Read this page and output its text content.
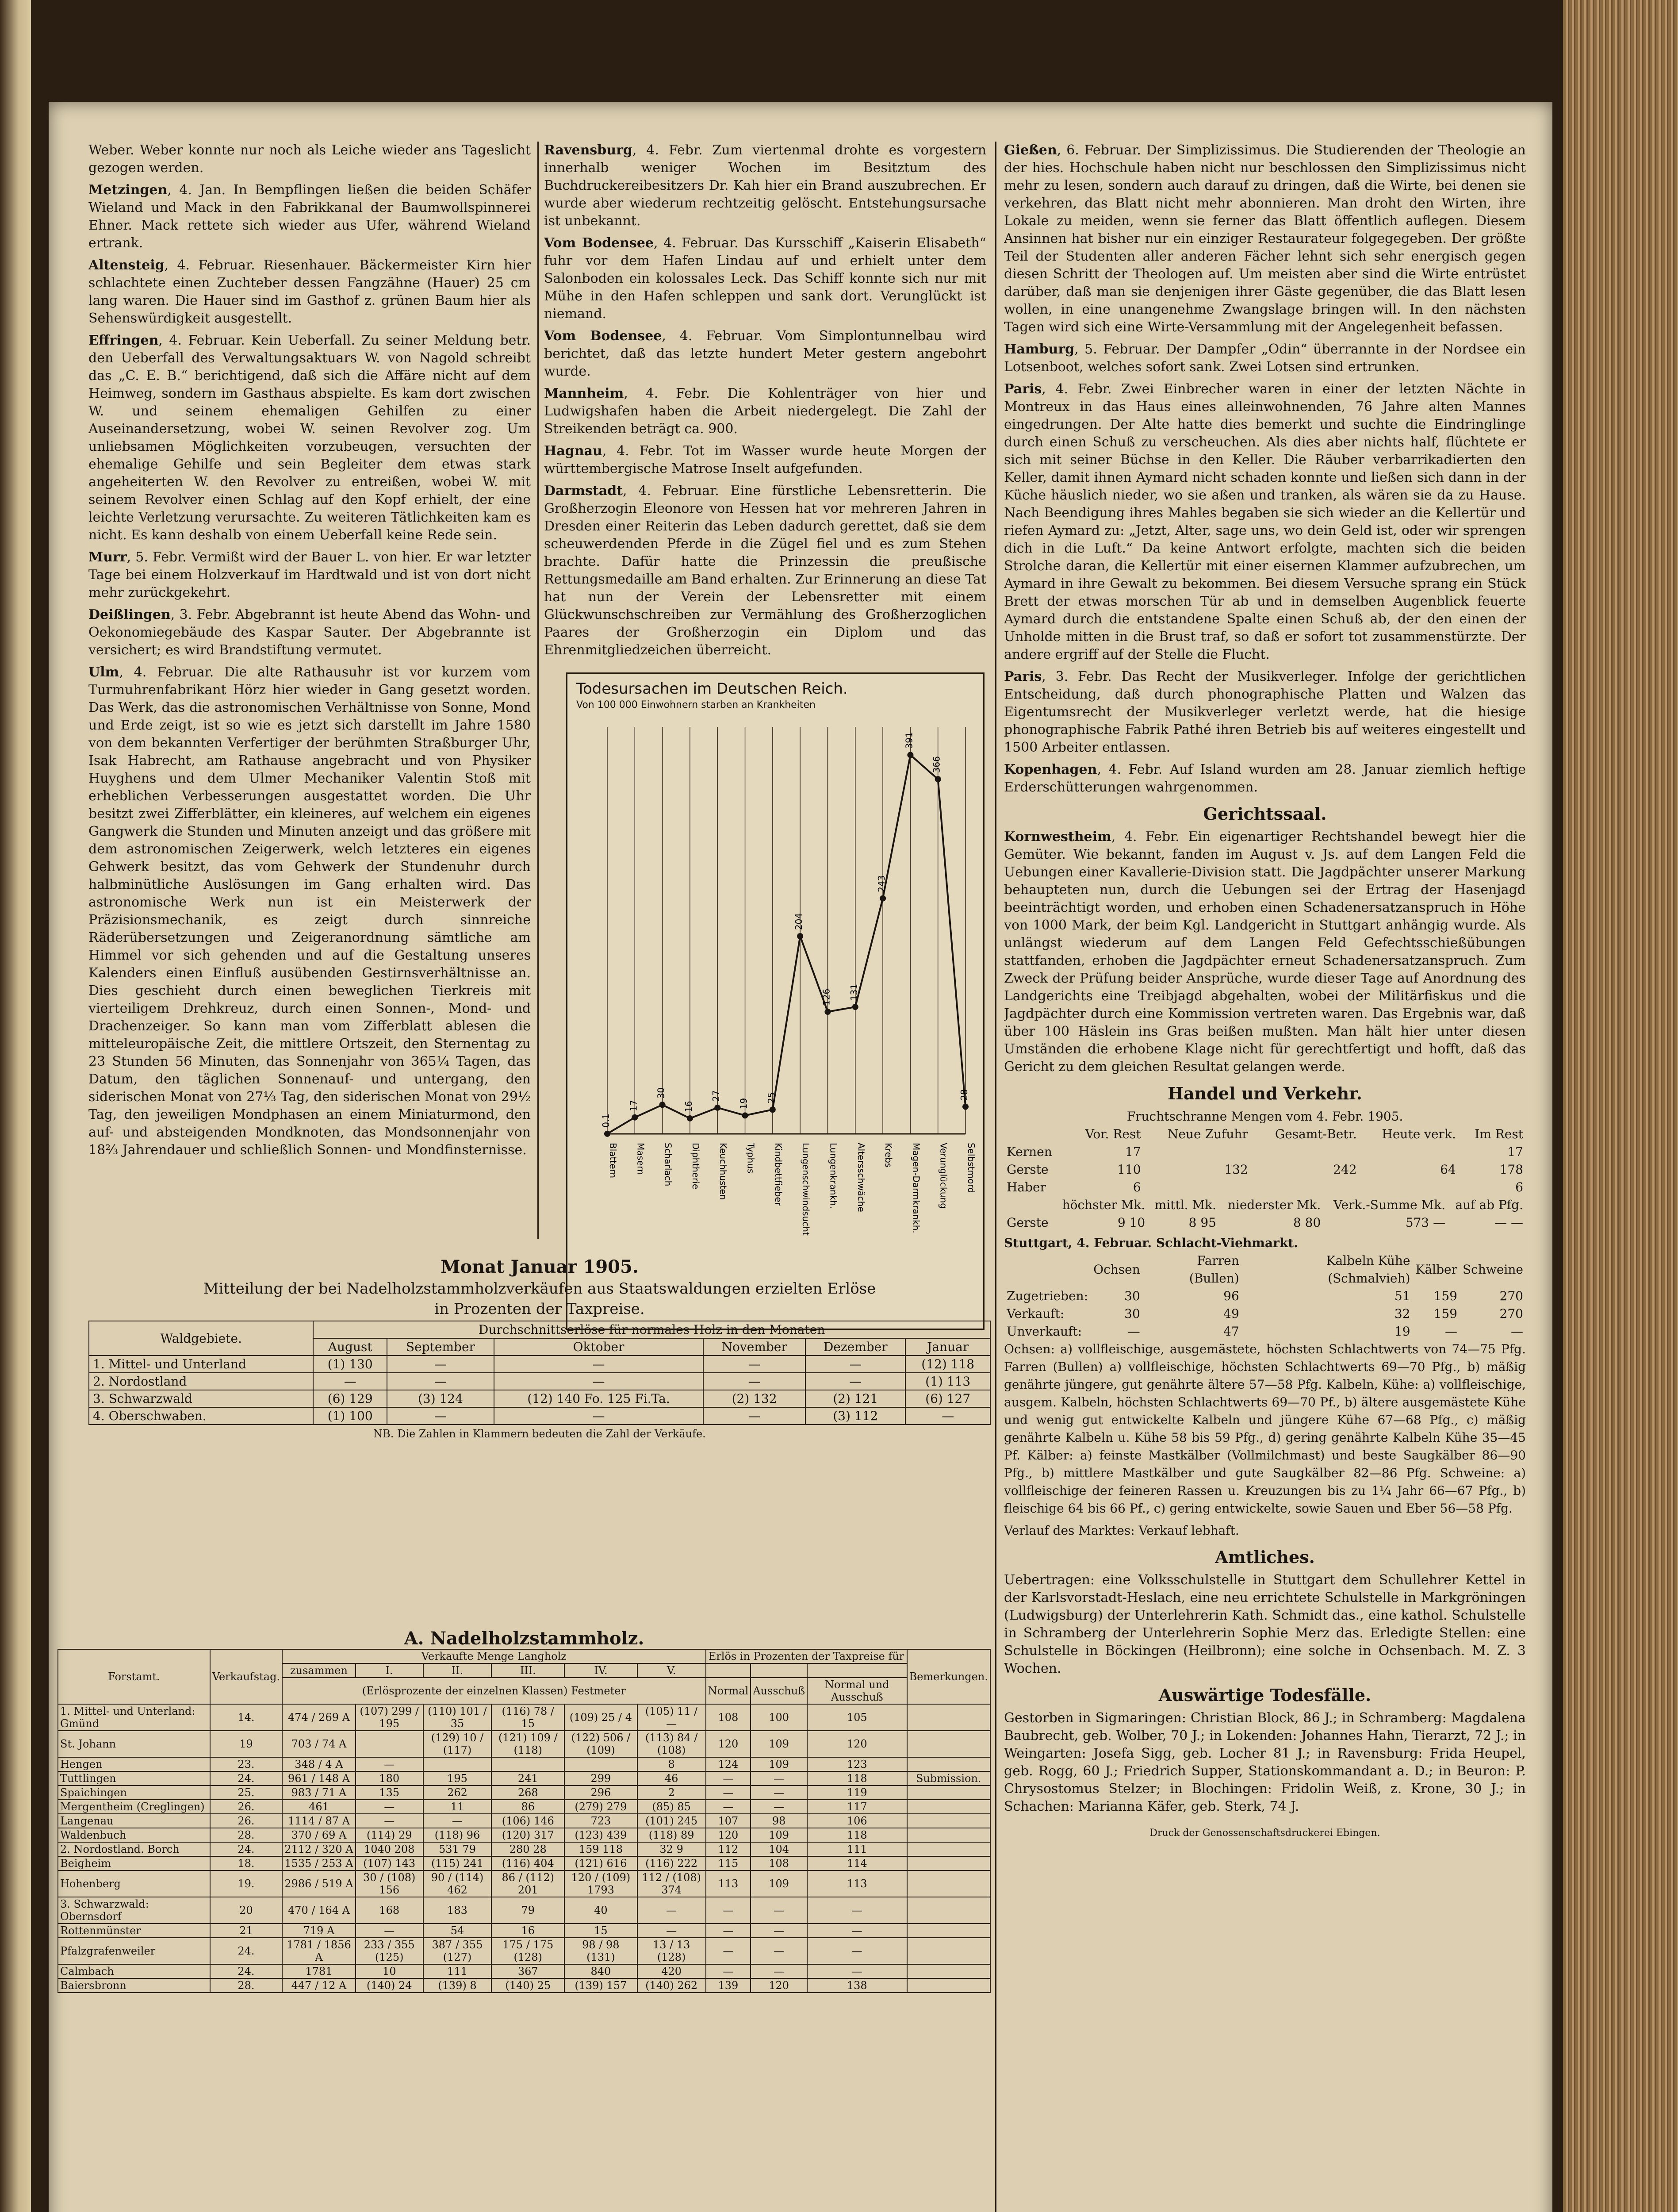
Weber. Weber konnte nur noch als Leiche wieder ans Tageslicht gezogen werden.

Metzingen, 4. Jan. In Bempflingen ließen die beiden Schäfer Wieland und Mack in den Fabrikkanal der Baumwollspinnerei Ehner. Mack rettete sich wieder aus Ufer, während Wieland ertrank.

Altensteig, 4. Februar. Riesenhauer. Bäckermeister Kirn hier schlachtete einen Zuchteber dessen Fangzähne (Hauer) 25 cm lang waren. Die Hauer sind im Gasthof z. grünen Baum hier als Sehenswürdigkeit ausgestellt.

Effringen, 4. Februar. Kein Ueberfall. Zu seiner Meldung betr. den Ueberfall des Verwaltungsaktuars W. von Nagold schreibt das „C. E. B.“ berichtigend, daß sich die Affäre nicht auf dem Heimweg, sondern im Gasthaus abspielte. Es kam dort zwischen W. und seinem ehemaligen Gehilfen zu einer Auseinandersetzung, wobei W. seinen Revolver zog. Um unliebsamen Möglichkeiten vorzubeugen, versuchten der ehemalige Gehilfe und sein Begleiter dem etwas stark angeheiterten W. den Revolver zu entreißen, wobei W. mit seinem Revolver einen Schlag auf den Kopf erhielt, der eine leichte Verletzung verursachte. Zu weiteren Tätlichkeiten kam es nicht. Es kann deshalb von einem Ueberfall keine Rede sein.

Murr, 5. Febr. Vermißt wird der Bauer L. von hier. Er war letzter Tage bei einem Holzverkauf im Hardtwald und ist von dort nicht mehr zurückgekehrt.

Deißlingen, 3. Febr. Abgebrannt ist heute Abend das Wohn- und Oekonomiegebäude des Kaspar Sauter. Der Abgebrannte ist versichert; es wird Brandstiftung vermutet.

Ulm, 4. Februar. Die alte Rathausuhr ist vor kurzem vom Turmuhrenfabrikant Hörz hier wieder in Gang gesetzt worden. Das Werk, das die astronomischen Verhältnisse von Sonne, Mond und Erde zeigt, ist so wie es jetzt sich darstellt im Jahre 1580 von dem bekannten Verfertiger der berühmten Straßburger Uhr, Isak Habrecht, am Rathause angebracht und von Physiker Huyghens und dem Ulmer Mechaniker Valentin Stoß mit erheblichen Verbesserungen ausgestattet worden. Die Uhr besitzt zwei Zifferblätter, ein kleineres, auf welchem ein eigenes Gangwerk die Stunden und Minuten anzeigt und das größere mit dem astronomischen Zeigerwerk, welch letzteres ein eigenes Gehwerk besitzt, das vom Gehwerk der Stundenuhr durch halbminütliche Auslösungen im Gang erhalten wird. Das astronomische Werk nun ist ein Meisterwerk der Präzisionsmechanik, es zeigt durch sinnreiche Räderübersetzungen und Zeigeranordnung sämtliche am Himmel vor sich gehenden und auf die Gestaltung unseres Kalenders einen Einfluß ausübenden Gestirnsverhältnisse an. Dies geschieht durch einen beweglichen Tierkreis mit vierteiligem Drehkreuz, durch einen Sonnen-, Mond- und Drachenzeiger. So kann man vom Zifferblatt ablesen die mitteleuropäische Zeit, die mittlere Ortszeit, den Sternentag zu 23 Stunden 56 Minuten, das Sonnenjahr von 365¼ Tagen, das Datum, den täglichen Sonnenauf- und untergang, den siderischen Monat von 27⅓ Tag, den siderischen Monat von 29½ Tag, den jeweiligen Mondphasen an einem Miniaturmond, den auf- und absteigenden Mondknoten, das Mondsonnenjahr von 18⅔ Jahrendauer und schließlich Sonnen- und Mondfinsternisse.

Ravensburg, 4. Febr. Zum viertenmal drohte es vorgestern innerhalb weniger Wochen im Besitztum des Buchdruckereibesitzers Dr. Kah hier ein Brand auszubrechen. Er wurde aber wiederum rechtzeitig gelöscht. Entstehungsursache ist unbekannt.

Vom Bodensee, 4. Februar. Das Kursschiff „Kaiserin Elisabeth“ fuhr vor dem Hafen Lindau auf und erhielt unter dem Salonboden ein kolossales Leck. Das Schiff konnte sich nur mit Mühe in den Hafen schleppen und sank dort. Verunglückt ist niemand.

Vom Bodensee, 4. Februar. Vom Simplontunnelbau wird berichtet, daß das letzte hundert Meter gestern angebohrt wurde.

Mannheim, 4. Febr. Die Kohlenträger von hier und Ludwigshafen haben die Arbeit niedergelegt. Die Zahl der Streikenden beträgt ca. 900.

Hagnau, 4. Febr. Tot im Wasser wurde heute Morgen der württembergische Matrose Inselt aufgefunden.

Darmstadt, 4. Februar. Eine fürstliche Lebensretterin. Die Großherzogin Eleonore von Hessen hat vor mehreren Jahren in Dresden einer Reiterin das Leben dadurch gerettet, daß sie dem scheuwerdenden Pferde in die Zügel fiel und es zum Stehen brachte. Dafür hatte die Prinzessin die preußische Rettungsmedaille am Band erhalten. Zur Erinnerung an diese Tat hat nun der Verein der Lebensretter mit einem Glückwunschschreiben zur Vermählung des Großherzoglichen Paares der Großherzogin ein Diplom und das Ehrenmitgliedzeichen überreicht.

Todesursachen im Deutschen Reich.
Von 100 000 Einwohnern starben an Krankheiten
0.1
Blattern
17
Masern
30
Scharlach
16
Diphtherie
27
Keuchhusten
19
Typhus
25
Kindbettfieber
204
Lungenschwindsucht
126
Lungenkrankh.
131
Altersschwäche
243
Krebs
391
Magen-Darmkrankh.
366
Verunglückung
28
Selbstmord

Gießen, 6. Februar. Der Simplizissimus. Die Studierenden der Theologie an der hies. Hochschule haben nicht nur beschlossen den Simplizissimus nicht mehr zu lesen, sondern auch darauf zu dringen, daß die Wirte, bei denen sie verkehren, das Blatt nicht mehr abonnieren. Man droht den Wirten, ihre Lokale zu meiden, wenn sie ferner das Blatt öffentlich auflegen. Diesem Ansinnen hat bisher nur ein einziger Restaurateur folgegegeben. Der größte Teil der Studenten aller anderen Fächer lehnt sich sehr energisch gegen diesen Schritt der Theologen auf. Um meisten aber sind die Wirte entrüstet darüber, daß man sie denjenigen ihrer Gäste gegenüber, die das Blatt lesen wollen, in eine unangenehme Zwangslage bringen will. In den nächsten Tagen wird sich eine Wirte-Versammlung mit der Angelegenheit befassen.

Hamburg, 5. Februar. Der Dampfer „Odin“ überrannte in der Nordsee ein Lotsenboot, welches sofort sank. Zwei Lotsen sind ertrunken.

Paris, 4. Febr. Zwei Einbrecher waren in einer der letzten Nächte in Montreux in das Haus eines alleinwohnenden, 76 Jahre alten Mannes eingedrungen. Der Alte hatte dies bemerkt und suchte die Eindringlinge durch einen Schuß zu verscheuchen. Als dies aber nichts half, flüchtete er sich mit seiner Büchse in den Keller. Die Räuber verbarrikadierten den Keller, damit ihnen Aymard nicht schaden konnte und ließen sich dann in der Küche häuslich nieder, wo sie aßen und tranken, als wären sie da zu Hause. Nach Beendigung ihres Mahles begaben sie sich wieder an die Kellertür und riefen Aymard zu: „Jetzt, Alter, sage uns, wo dein Geld ist, oder wir sprengen dich in die Luft.“ Da keine Antwort erfolgte, machten sich die beiden Strolche daran, die Kellertür mit einer eisernen Klammer aufzubrechen, um Aymard in ihre Gewalt zu bekommen. Bei diesem Versuche sprang ein Stück Brett der etwas morschen Tür ab und in demselben Augenblick feuerte Aymard durch die entstandene Spalte einen Schuß ab, der den einen der Unholde mitten in die Brust traf, so daß er sofort tot zusammenstürzte. Der andere ergriff auf der Stelle die Flucht.

Paris, 3. Febr. Das Recht der Musikverleger. Infolge der gerichtlichen Entscheidung, daß durch phonographische Platten und Walzen das Eigentumsrecht der Musikverleger verletzt werde, hat die hiesige phonographische Fabrik Pathé ihren Betrieb bis auf weiteres eingestellt und 1500 Arbeiter entlassen.

Kopenhagen, 4. Febr. Auf Island wurden am 28. Januar ziemlich heftige Erderschütterungen wahrgenommen.

Gerichtssaal.

Kornwestheim, 4. Febr. Ein eigenartiger Rechtshandel bewegt hier die Gemüter. Wie bekannt, fanden im August v. Js. auf dem Langen Feld die Uebungen einer Kavallerie-Division statt. Die Jagdpächter unserer Markung behaupteten nun, durch die Uebungen sei der Ertrag der Hasenjagd beeinträchtigt worden, und erhoben einen Schadenersatzanspruch in Höhe von 1000 Mark, der beim Kgl. Landgericht in Stuttgart anhängig wurde. Als unlängst wiederum auf dem Langen Feld Gefechtsschießübungen stattfanden, erhoben die Jagdpächter erneut Schadenersatzanspruch. Zum Zweck der Prüfung beider Ansprüche, wurde dieser Tage auf Anordnung des Landgerichts eine Treibjagd abgehalten, wobei der Militärfiskus und die Jagdpächter durch eine Kommission vertreten waren. Das Ergebnis war, daß über 100 Häslein ins Gras beißen mußten. Man hält hier unter diesen Umständen die erhobene Klage nicht für gerechtfertigt und hofft, daß das Gericht zu dem gleichen Resultat gelangen werde.

Handel und Verkehr.
Fruchtschranne Mengen vom 4. Febr. 1905.
	Vor. Rest	Neue Zufuhr	Gesamt-Betr.	Heute verk.	Im Rest
Kernen	17				17
Gerste	110	132	242	64	178
Haber	6				6
	höchster Mk.	mittl. Mk.	niederster Mk.	Verk.-Summe Mk.	auf ab Pfg.
Gerste	9 10	8 95	8 80	573 —	— —
Stuttgart, 4. Februar. Schlacht-Viehmarkt.
	Ochsen	Farren (Bullen)	Kalbeln Kühe (Schmalvieh)	Kälber	Schweine
Zugetrieben:	30	96	51	159	270
Verkauft:	30	49	32	159	270
Unverkauft:	—	47	19	—	—

Ochsen: a) vollfleischige, ausgemästete, höchsten Schlachtwerts von 74—75 Pfg. Farren (Bullen) a) vollfleischige, höchsten Schlachtwerts 69—70 Pfg., b) mäßig genährte jüngere, gut genährte ältere 57—58 Pfg. Kalbeln, Kühe: a) vollfleischige, ausgem. Kalbeln, höchsten Schlachtwerts 69—70 Pf., b) ältere ausgemästete Kühe und wenig gut entwickelte Kalbeln und jüngere Kühe 67—68 Pfg., c) mäßig genährte Kalbeln u. Kühe 58 bis 59 Pfg., d) gering genährte Kalbeln Kühe 35—45 Pf. Kälber: a) feinste Mastkälber (Vollmilchmast) und beste Saugkälber 86—90 Pfg., b) mittlere Mastkälber und gute Saugkälber 82—86 Pfg. Schweine: a) vollfleischige der feineren Rassen u. Kreuzungen bis zu 1¼ Jahr 66—67 Pfg., b) fleischige 64 bis 66 Pf., c) gering entwickelte, sowie Sauen und Eber 56—58 Pfg.

Verlauf des Marktes: Verkauf lebhaft.

Amtliches.

Uebertragen: eine Volksschulstelle in Stuttgart dem Schullehrer Kettel in der Karlsvorstadt-Heslach, eine neu errichtete Schulstelle in Markgröningen (Ludwigsburg) der Unterlehrerin Kath. Schmidt das., eine kathol. Schulstelle in Schramberg der Unterlehrerin Sophie Merz das. Erledigte Stellen: eine Schulstelle in Böckingen (Heilbronn); eine solche in Ochsenbach. M. Z. 3 Wochen.

Auswärtige Todesfälle.

Gestorben in Sigmaringen: Christian Block, 86 J.; in Schramberg: Magdalena Baubrecht, geb. Wolber, 70 J.; in Lokenden: Johannes Hahn, Tierarzt, 72 J.; in Weingarten: Josefa Sigg, geb. Locher 81 J.; in Ravensburg: Frida Heupel, geb. Rogg, 60 J.; Friedrich Supper, Stationskommandant a. D.; in Beuron: P. Chrysostomus Stelzer; in Blochingen: Fridolin Weiß, z. Krone, 30 J.; in Schachen: Marianna Käfer, geb. Sterk, 74 J.

Druck der Genossenschaftsdruckerei Ebingen.
Monat Januar 1905.
Mitteilung der bei Nadelholzstammholzverkäufen aus Staatswaldungen erzielten Erlöse
in Prozenten der Taxpreise.
Waldgebiete.	Durchschnittserlöse für normales Holz in den Monaten					
	August	September	Oktober	November	Dezember	Januar
1. Mittel- und Unterland	(1) 130	—	—	—	—	(12) 118
2. Nordostland	—	—	—	—	—	(1) 113
3. Schwarzwald	(6) 129	(3) 124	(12) 140 Fo. 125 Fi.Ta.	(2) 132	(2) 121	(6) 127
4. Oberschwaben.	(1) 100	—	—	—	(3) 112	—
NB. Die Zahlen in Klammern bedeuten die Zahl der Verkäufe.
A. Nadelholzstammholz.
Forstamt.	Verkaufstag.	Verkaufte Menge Langholz						Erlös in Prozenten der Taxpreise für			Bemerkungen.
		zusammen	I.	II.	III.	IV.	V.				
		(Erlösprozente der einzelnen Klassen) Festmeter						Normal	Ausschuß	Normal und Ausschuß	
1. Mittel- und Unterland: Gmünd	14.	474 / 269 A	(107) 299 / 195	(110) 101 / 35	(116) 78 / 15	(109) 25 / 4	(105) 11 / —	108	100	105	
St. Johann	19	703 / 74 A		(129) 10 / (117)	(121) 109 / (118)	(122) 506 / (109)	(113) 84 / (108)	120	109	120	
Hengen	23.	348 / 4 A	—				8	124	109	123	
Tuttlingen	24.	961 / 148 A	180	195	241	299	46	—	—	118	Submission.
Spaichingen	25.	983 / 71 A	135	262	268	296	2	—	—	119	
Mergentheim (Creglingen)	26.	461	—	11	86	(279) 279	(85) 85	—	—	117	
Langenau	26.	1114 / 87 A	—	—	(106) 146	723	(101) 245	107	98	106	
Waldenbuch	28.	370 / 69 A	(114) 29	(118) 96	(120) 317	(123) 439	(118) 89	120	109	118	
2. Nordostland. Borch	24.	2112 / 320 A	1040 208	531 79	280 28	159 118	32 9	112	104	111	
Beigheim	18.	1535 / 253 A	(107) 143	(115) 241	(116) 404	(121) 616	(116) 222	115	108	114	
Hohenberg	19.	2986 / 519 A	30 / (108) 156	90 / (114) 462	86 / (112) 201	120 / (109) 1793	112 / (108) 374	113	109	113	
3. Schwarzwald: Obernsdorf	20	470 / 164 A	168	183	79	40	—	—	—	—	
Rottenmünster	21	719 A	—	54	16	15	—	—	—	—	
Pfalzgrafenweiler	24.	1781 / 1856 A	233 / 355 (125)	387 / 355 (127)	175 / 175 (128)	98 / 98 (131)	13 / 13 (128)	—	—	—	
Calmbach	24.	1781	10	111	367	840	420	—	—	—	
Baiersbronn	28.	447 / 12 A	(140) 24	(139) 8	(140) 25	(139) 157	(140) 262	139	120	138	
